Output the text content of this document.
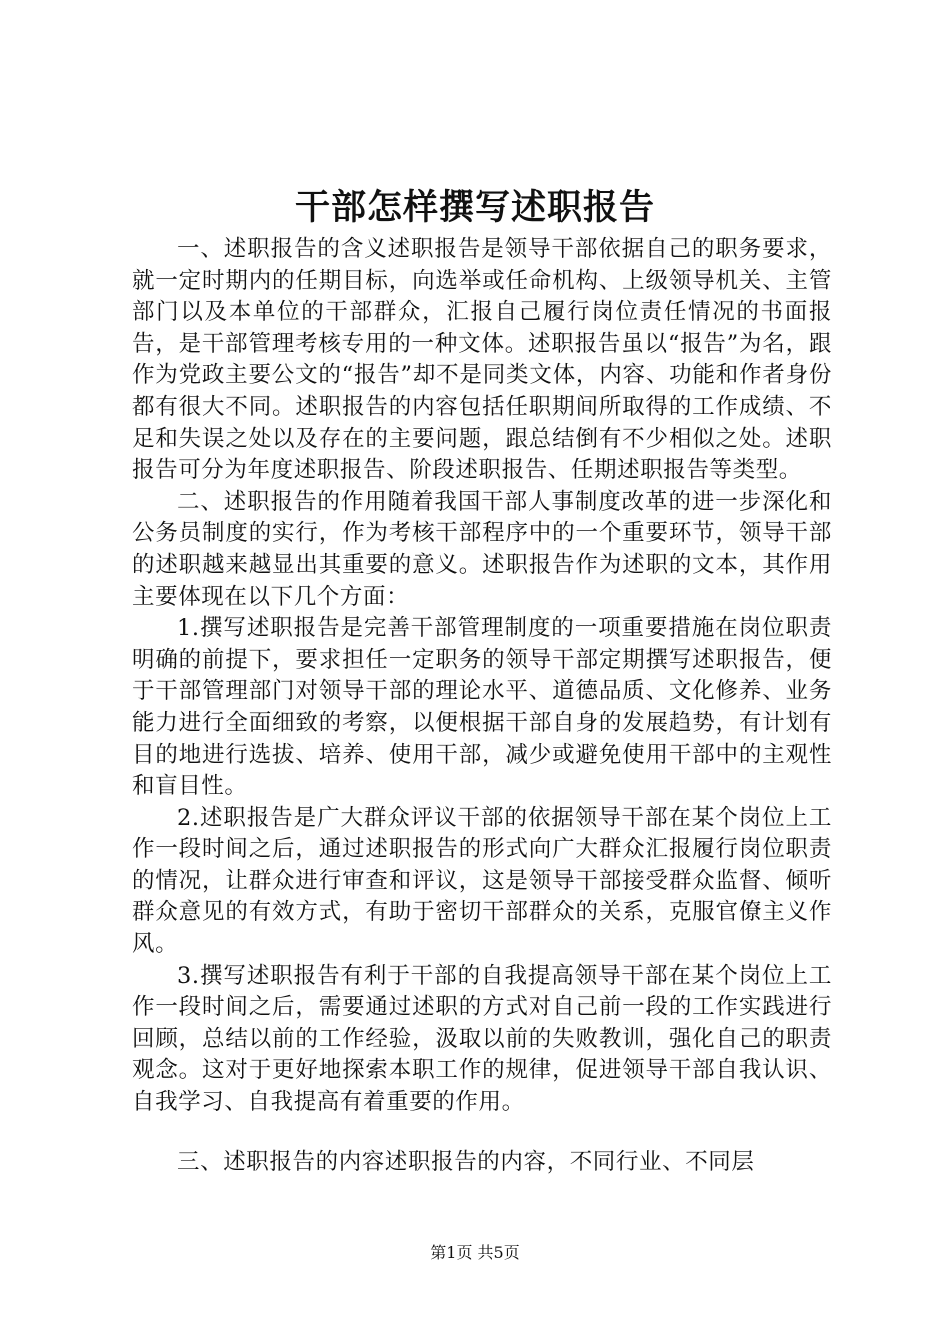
干部怎样撰写述职报告

一、述职报告的含义述职报告是领导干部依据自己的职务要求，就一定时期内的任期目标，向选举或任命机构、上级领导机关、主管部门以及本单位的干部群众，汇报自己履行岗位责任情况的书面报告，是干部管理考核专用的一种文体。述职报告虽以“报告”为名，跟作为党政主要公文的“报告”却不是同类文体，内容、功能和作者身份都有很大不同。述职报告的内容包括任职期间所取得的工作成绩、不足和失误之处以及存在的主要问题，跟总结倒有不少相似之处。述职报告可分为年度述职报告、阶段述职报告、任期述职报告等类型。

二、述职报告的作用随着我国干部人事制度改革的进一步深化和公务员制度的实行，作为考核干部程序中的一个重要环节，领导干部的述职越来越显出其重要的意义。述职报告作为述职的文本，其作用主要体现在以下几个方面：

1.撰写述职报告是完善干部管理制度的一项重要措施在岗位职责明确的前提下，要求担任一定职务的领导干部定期撰写述职报告，便于干部管理部门对领导干部的理论水平、道德品质、文化修养、业务能力进行全面细致的考察，以便根据干部自身的发展趋势，有计划有目的地进行选拔、培养、使用干部，减少或避免使用干部中的主观性和盲目性。

2.述职报告是广大群众评议干部的依据领导干部在某个岗位上工作一段时间之后，通过述职报告的形式向广大群众汇报履行岗位职责的情况，让群众进行审查和评议，这是领导干部接受群众监督、倾听群众意见的有效方式，有助于密切干部群众的关系，克服官僚主义作风。

3.撰写述职报告有利于干部的自我提高领导干部在某个岗位上工作一段时间之后，需要通过述职的方式对自己前一段的工作实践进行回顾，总结以前的工作经验，汲取以前的失败教训，强化自己的职责观念。这对于更好地探索本职工作的规律，促进领导干部自我认识、自我学习、自我提高有着重要的作用。

三、述职报告的内容述职报告的内容，不同行业、不同层

第1页 共5页
